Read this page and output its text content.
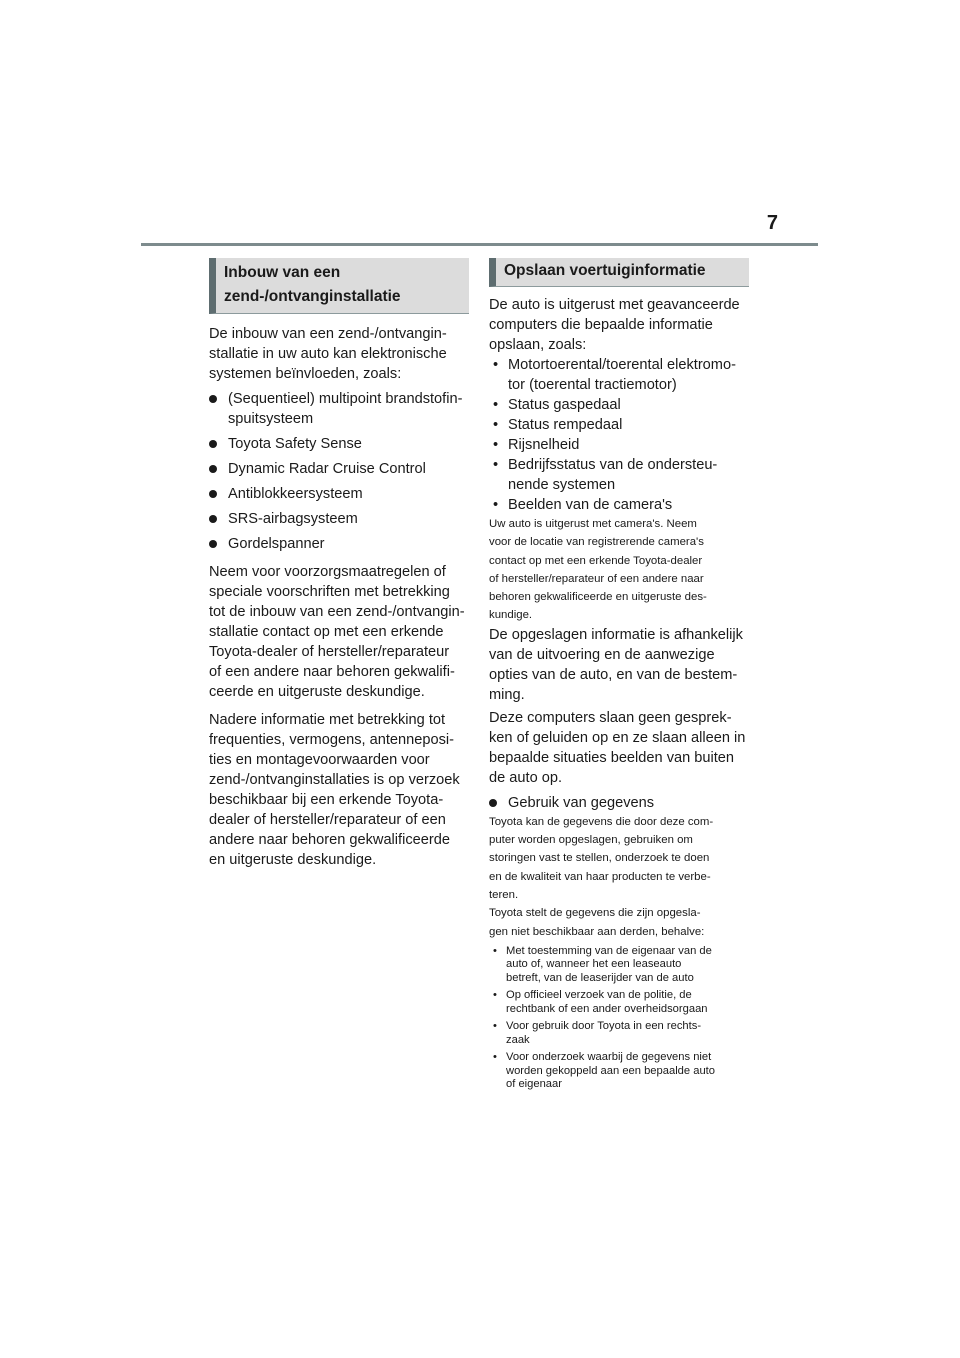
7
Inbouw van een
zend-/ontvanginstallatie
De inbouw van een zend-/ontvangin-
stallatie in uw auto kan elektronische
systemen beïnvloeden, zoals:
(Sequentieel) multipoint brandstofin-
spuitsysteem
Toyota Safety Sense
Dynamic Radar Cruise Control
Antiblokkeersysteem
SRS-airbagsysteem
Gordelspanner
Neem voor voorzorgsmaatregelen of
speciale voorschriften met betrekking
tot de inbouw van een zend-/ontvangin-
stallatie contact op met een erkende
Toyota-dealer of hersteller/reparateur
of een andere naar behoren gekwalifi-
ceerde en uitgeruste deskundige.
Nadere informatie met betrekking tot
frequenties, vermogens, antenneposi-
ties en montagevoorwaarden voor
zend-/ontvanginstallaties is op verzoek
beschikbaar bij een erkende Toyota-
dealer of hersteller/reparateur of een
andere naar behoren gekwalificeerde
en uitgeruste deskundige.
Opslaan voertuiginformatie
De auto is uitgerust met geavanceerde
computers die bepaalde informatie
opslaan, zoals:
• Motortoerental/toerental elektromo-
tor (toerental tractiemotor)
• Status gaspedaal
• Status rempedaal
• Rijsnelheid
• Bedrijfsstatus van de ondersteu-
nende systemen
• Beelden van de camera's
Uw auto is uitgerust met camera's. Neem
voor de locatie van registrerende camera's
contact op met een erkende Toyota-dealer
of hersteller/reparateur of een andere naar
behoren gekwalificeerde en uitgeruste des-
kundige.
De opgeslagen informatie is afhankelijk
van de uitvoering en de aanwezige
opties van de auto, en van de bestem-
ming.
Deze computers slaan geen gesprek-
ken of geluiden op en ze slaan alleen in
bepaalde situaties beelden van buiten
de auto op.
Gebruik van gegevens
Toyota kan de gegevens die door deze com-
puter worden opgeslagen, gebruiken om
storingen vast te stellen, onderzoek te doen
en de kwaliteit van haar producten te verbe-
teren.
Toyota stelt de gegevens die zijn opgesla-
gen niet beschikbaar aan derden, behalve:
• Met toestemming van de eigenaar van de
auto of, wanneer het een leaseauto
betreft, van de leaserijder van de auto
• Op officieel verzoek van de politie, de
rechtbank of een ander overheidsorgaan
• Voor gebruik door Toyota in een rechts-
zaak
• Voor onderzoek waarbij de gegevens niet
worden gekoppeld aan een bepaalde auto
of eigenaar
